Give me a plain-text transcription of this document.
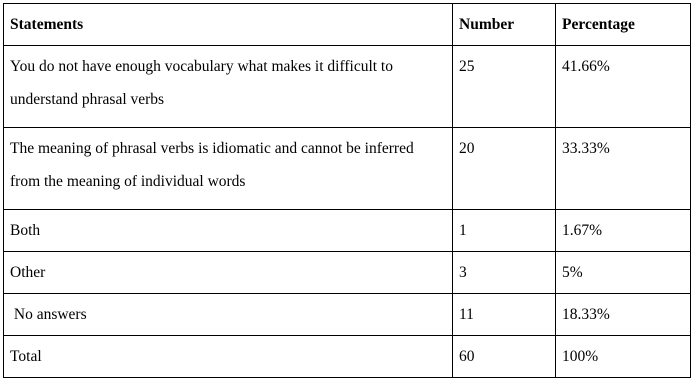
Statements	Number	Percentage
You do not have enough vocabulary what makes it difficult to understand phrasal verbs	25	41.66%
The meaning of phrasal verbs is idiomatic and cannot be inferred from the meaning of individual words	20	33.33%
Both	1	1.67%
Other	3	5%
No answers	11	18.33%
Total	60	100%
